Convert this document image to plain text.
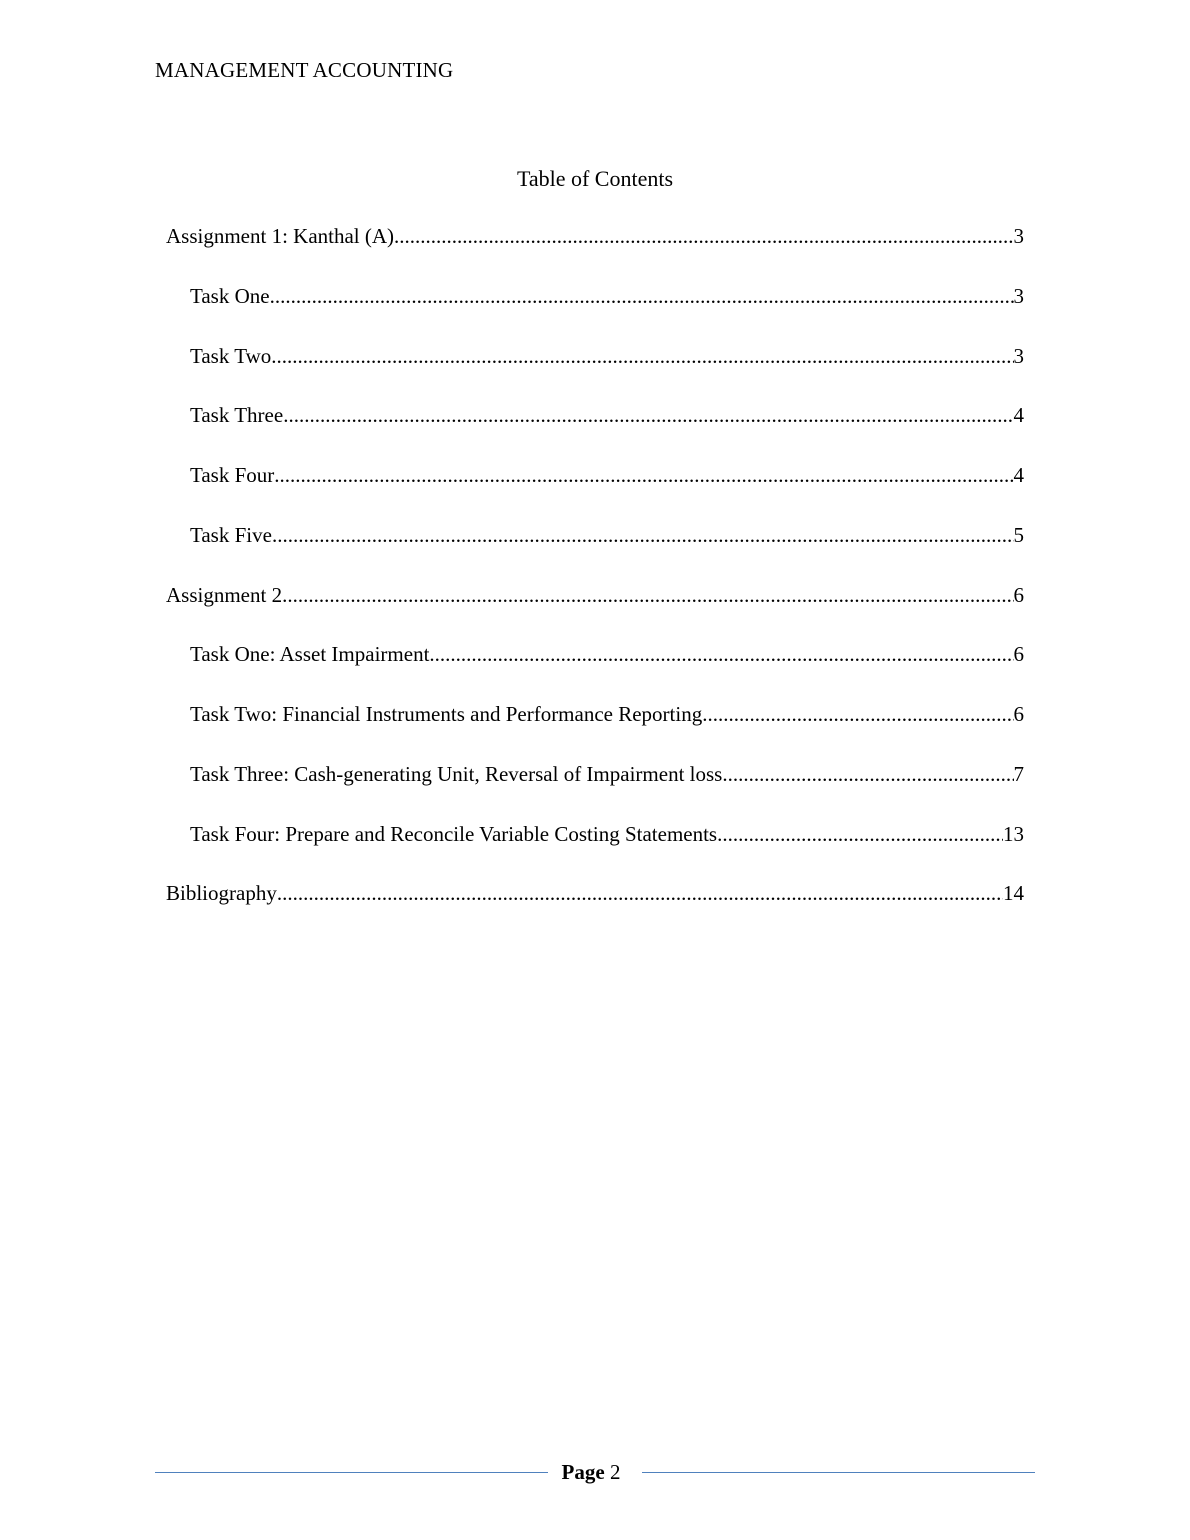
MANAGEMENT ACCOUNTING
Table of Contents
Assignment 1: Kanthal (A) .....	3
Task One .....	3
Task Two .....	3
Task Three .....	4
Task Four .....	4
Task Five .....	5
Assignment 2 .....	6
Task One: Asset Impairment .....	6
Task Two: Financial Instruments and Performance Reporting .....	6
Task Three: Cash-generating Unit, Reversal of Impairment loss .....	7
Task Four: Prepare and Reconcile Variable Costing Statements .....	13
Bibliography .....	14
Page 2
